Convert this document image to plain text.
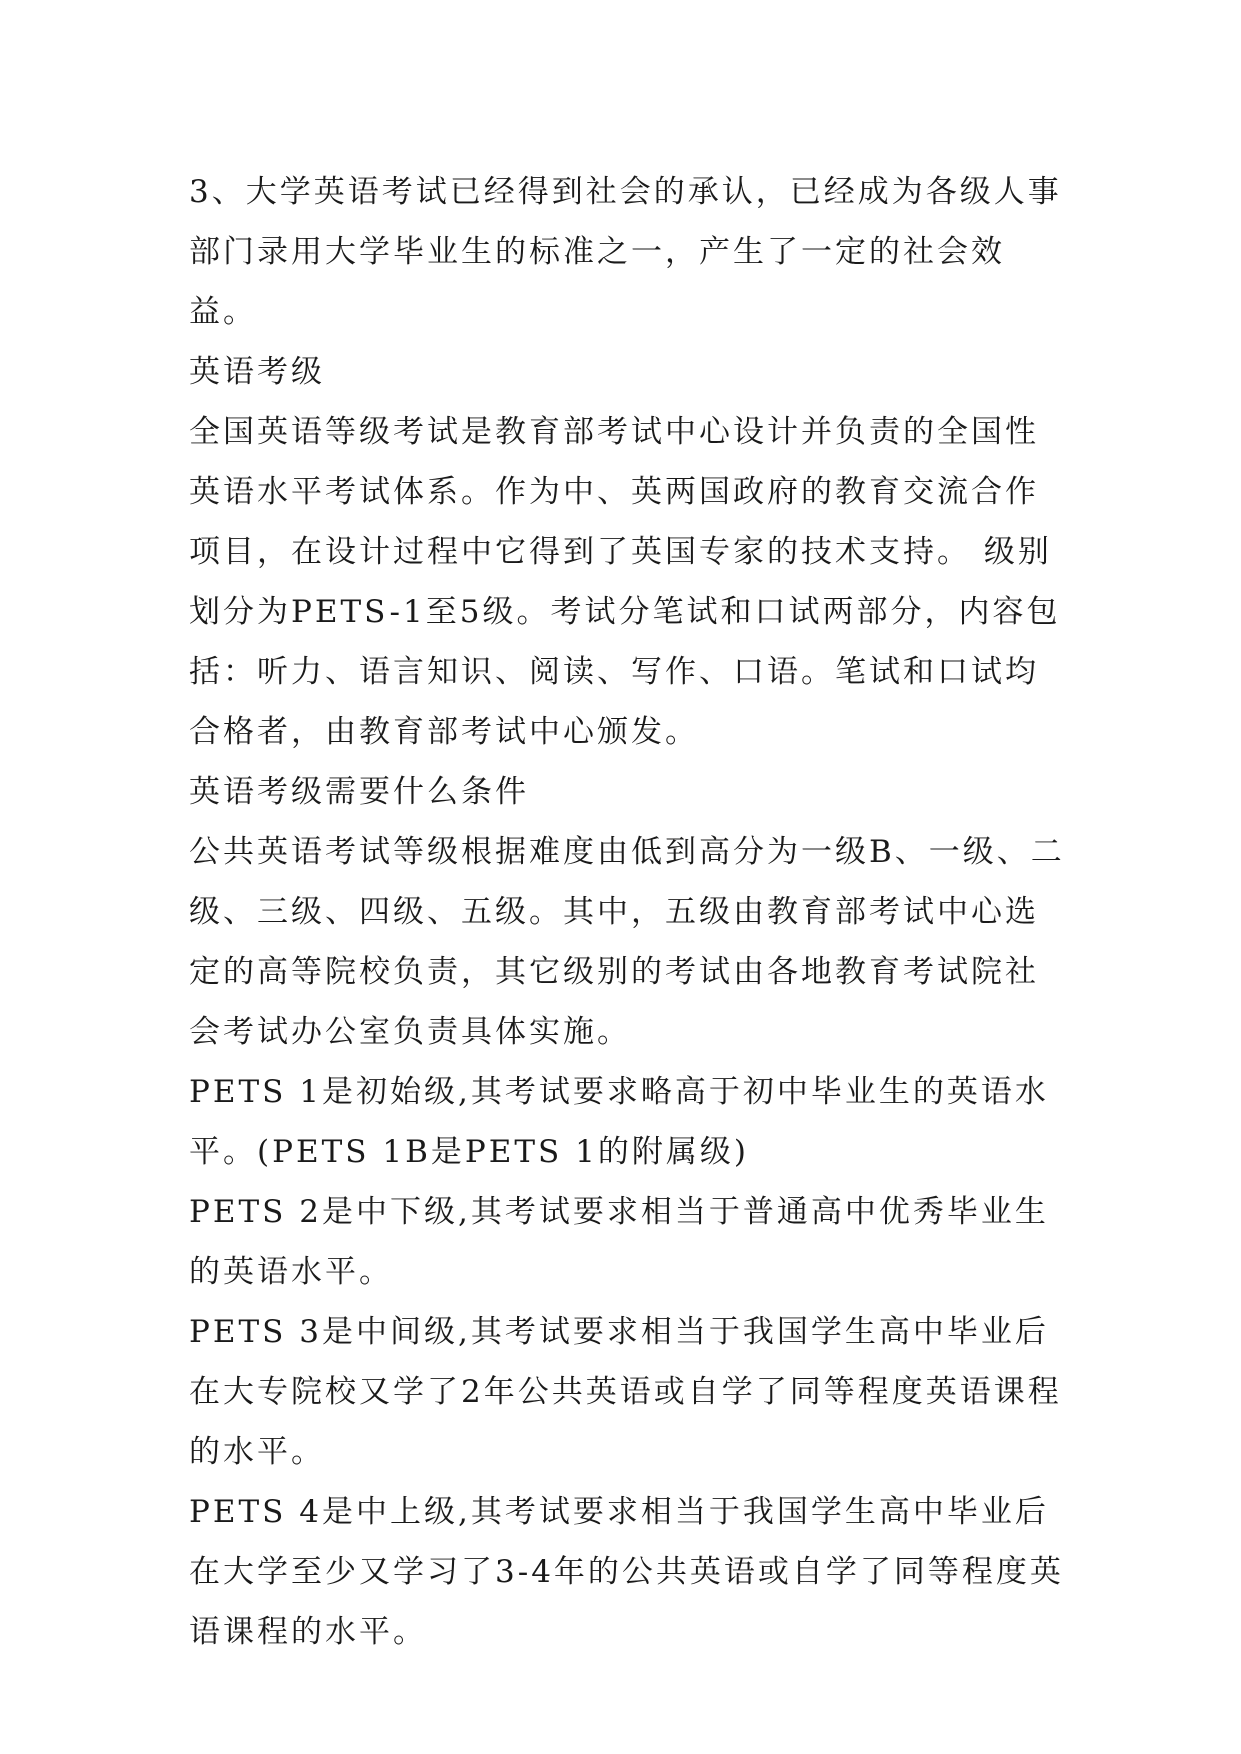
3、大学英语考试已经得到社会的承认，已经成为各级人事部门录用大学毕业生的标准之一，产生了一定的社会效益。

英语考级

全国英语等级考试是教育部考试中心设计并负责的全国性英语水平考试体系。作为中、英两国政府的教育交流合作项目，在设计过程中它得到了英国专家的技术支持。 级别划分为PETS-1至5级。考试分笔试和口试两部分，内容包括：听力、语言知识、阅读、写作、口语。笔试和口试均合格者，由教育部考试中心颁发。

英语考级需要什么条件

公共英语考试等级根据难度由低到高分为一级B、一级、二级、三级、四级、五级。其中，五级由教育部考试中心选定的高等院校负责，其它级别的考试由各地教育考试院社会考试办公室负责具体实施。

PETS 1是初始级,其考试要求略高于初中毕业生的英语水平。(PETS 1B是PETS 1的附属级)

PETS 2是中下级,其考试要求相当于普通高中优秀毕业生的英语水平。

PETS 3是中间级,其考试要求相当于我国学生高中毕业后在大专院校又学了2年公共英语或自学了同等程度英语课程的水平。

PETS 4是中上级,其考试要求相当于我国学生高中毕业后在大学至少又学习了3-4年的公共英语或自学了同等程度英语课程的水平。
